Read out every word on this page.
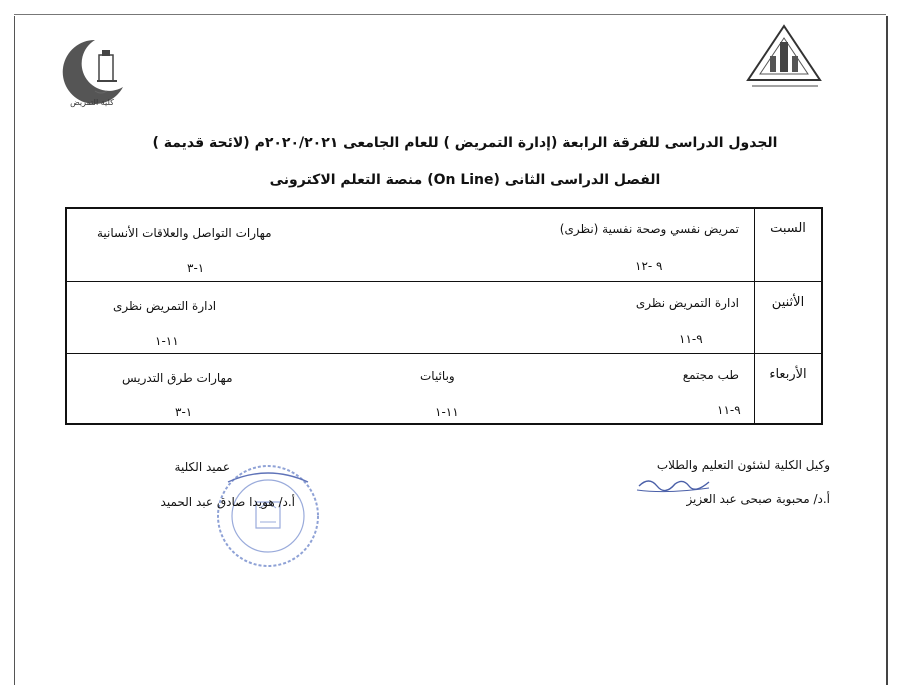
كلية التمريض
الجدول الدراسى للفرقة الرابعة (إدارة التمريض ) للعام الجامعى ٢٠٢٠/٢٠٢١م (لائحة قديمة )
الفصل الدراسى الثانى (On Line) منصة التعلم الاكترونى
السبت
تمريض نفسي وصحة نفسية (نظرى)
٩ -١٢
مهارات التواصل والعلاقات الأنسانية
١-٣
الأثنين
ادارة التمريض نظرى
٩-١١
ادارة التمريض نظرى
١١-١
الأربعاء
طب مجتمع
٩-١١
وبائيات
١١-١
مهارات طرق التدريس
١-٣
وكيل الكلية لشئون التعليم والطلاب
أ.د/ محبوبة صبحى عبد العزيز
عميد الكلية
أ.د/ هويدا صادق عبد الحميد
